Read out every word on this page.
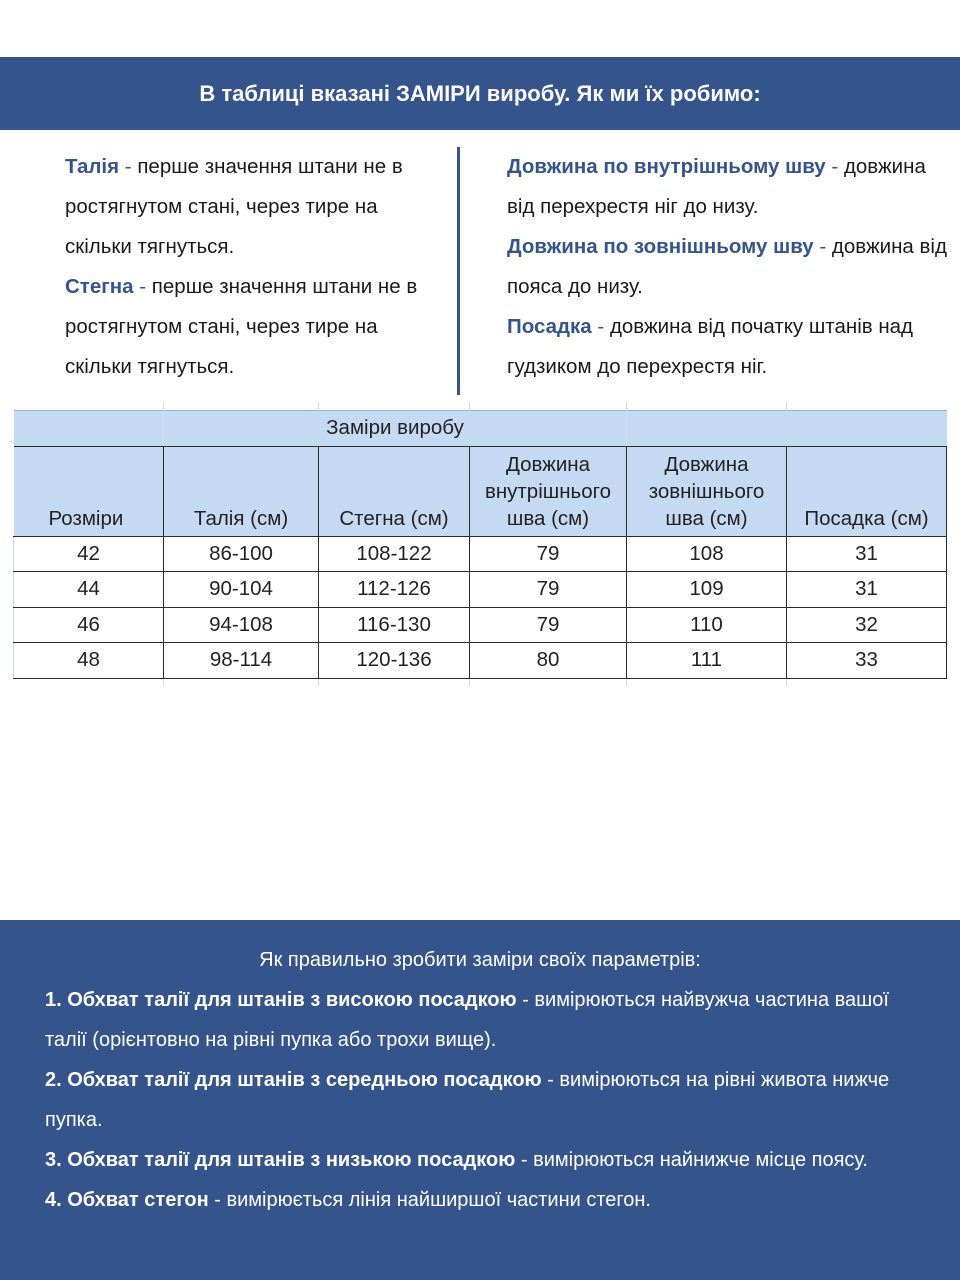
В таблиці вказані ЗАМІРИ виробу. Як ми їх робимо:
Талія - перше значення штани не в ростягнутом стані, через тире на скільки тягнуться.
Стегна - перше значення штани не в ростягнутом стані, через тире на скільки тягнуться.
Довжина по внутрішньому шву - довжина від перехрестя ніг до низу.
Довжина по зовнішньому шву - довжина від пояса до низу.
Посадка - довжина від початку штанів над гудзиком до перехрестя ніг.

	Заміри виробу				

Розміри	Талія (см)	Стегна (см)	Довжина
внутрішнього
шва (см)	Довжина
зовнішнього
шва (см)	Посадка (см)

42	86-100	108-122	79	108	31
44	90-104	112-126	79	109	31
46	94-108	116-130	79	110	32
48	98-114	120-136	80	111	33

Як правильно зробити заміри своїх параметрів:
1. Обхват талії для штанів з високою посадкою - вимірюються найвужча частина вашої талії (орієнтовно на рівні пупка або трохи вище).
2. Обхват талії для штанів з середньою посадкою - вимірюються на рівні живота нижче пупка.
3. Обхват талії для штанів з низькою посадкою - вимірюються найнижче місце поясу.
4. Обхват стегон - вимірюється лінія найширшої частини стегон.
